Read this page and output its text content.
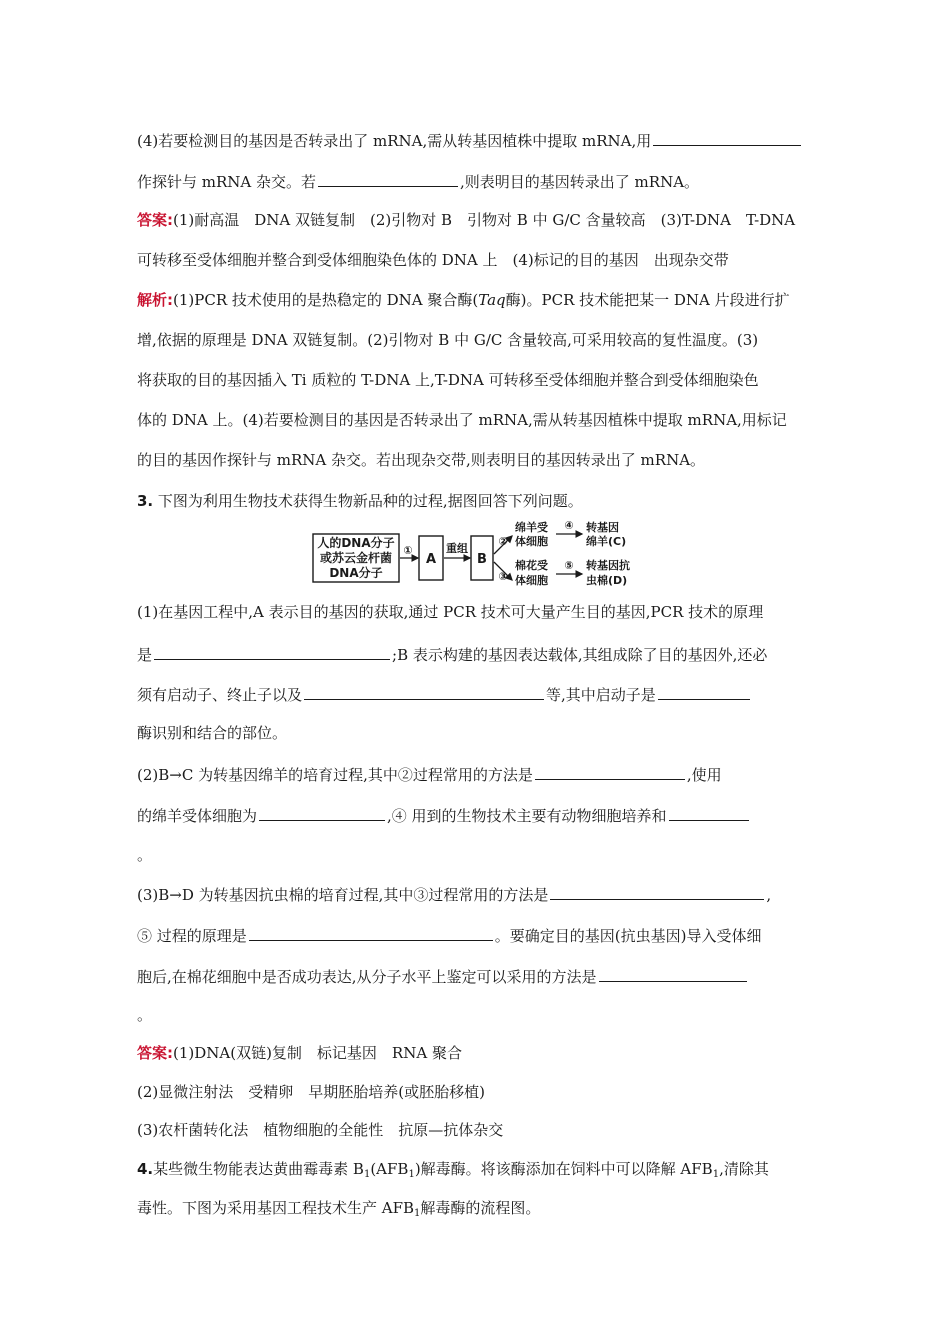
(4)若要检测目的基因是否转录出了 mRNA,需从转基因植株中提取 mRNA,用
作探针与 mRNA 杂交。若	,则表明目的基因转录出了 mRNA。
答案:(1)耐高温　DNA 双链复制　(2)引物对 B　引物对 B 中 G/C 含量较高　(3)T-DNA　T-DNA
可转移至受体细胞并整合到受体细胞染色体的 DNA 上　(4)标记的目的基因　出现杂交带
解析:(1)PCR 技术使用的是热稳定的 DNA 聚合酶(Taq酶)。PCR 技术能把某一 DNA 片段进行扩
增,依据的原理是 DNA 双链复制。(2)引物对 B 中 G/C 含量较高,可采用较高的复性温度。(3)
将获取的目的基因插入 Ti 质粒的 T-DNA 上,T-DNA 可转移至受体细胞并整合到受体细胞染色
体的 DNA 上。(4)若要检测目的基因是否转录出了 mRNA,需从转基因植株中提取 mRNA,用标记
的目的基因作探针与 mRNA 杂交。若出现杂交带,则表明目的基因转录出了 mRNA。
3. 下图为利用生物技术获得生物新品种的过程,据图回答下列问题。
人的DNA分子
或苏云金杆菌
DNA分子
①
A
重组
B
②
③
绵羊受
体细胞
棉花受
体细胞
④
⑤
转基因
绵羊(C)
转基因抗
虫棉(D)
(1)在基因工程中,A 表示目的基因的获取,通过 PCR 技术可大量产生目的基因,PCR 技术的原理
是	;B 表示构建的基因表达载体,其组成除了目的基因外,还必
须有启动子、终止子以及	等,其中启动子是
酶识别和结合的部位。
(2)B→C 为转基因绵羊的培育过程,其中②过程常用的方法是	,使用
的绵羊受体细胞为	,④ 用到的生物技术主要有动物细胞培养和
。
(3)B→D 为转基因抗虫棉的培育过程,其中③过程常用的方法是	,
⑤ 过程的原理是	。要确定目的基因(抗虫基因)导入受体细
胞后,在棉花细胞中是否成功表达,从分子水平上鉴定可以采用的方法是
。
答案:(1)DNA(双链)复制　标记基因　RNA 聚合
(2)显微注射法　受精卵　早期胚胎培养(或胚胎移植)
(3)农杆菌转化法　植物细胞的全能性　抗原—抗体杂交
4.某些微生物能表达黄曲霉毒素 $B_1(AFB_1)$解毒酶。将该酶添加在饲料中可以降解 $AFB_1$,清除其
毒性。下图为采用基因工程技术生产 $AFB_1$解毒酶的流程图。
